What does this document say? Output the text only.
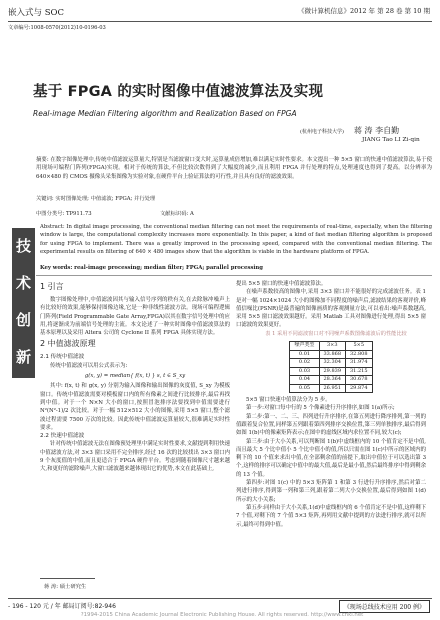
嵌入式与 SOC	《微计算机信息》2012 年 第 28 卷 第 10 期
文章编号:1008-0570(2012)10-0196-03
基于 FPGA 的实时图像中值滤波算法及实现
Real-image Median Filtering algorithm and Realization Based on FPGA
(杭州电子科技大学) 蒋 涛 李自勤
JIANG Tao LI Zi-qin
摘要: 在数字图像处理中,传统中值滤波运算量大,特别是当滤波窗口变大时,运算量成倍增加,难以满足实时性要求。本文提出一种 5×5 窗口的快速中值滤波算法,易于使用现场可编程门阵列(FPGA)实现。相对于传统的算法,不但比较次数得到了大幅度的减少,而且利用 FPGA 并行处理的特点,处理速度也得到了提高。以分辨率为 640×480 的 CMOS 摄像头采集图像为实验对象,在硬件平台上验证算法的可行性,并且具有良好的滤波效果。
关键词: 实时图像处理; 中值滤波; FPGA; 并行处理
中图分类号: TP911.73	文献标识码: A
Abstract: In digital image processing, the conventional median filtering can not meet the requirements of real-time, especially, when the filtering window is large, the computational complexity increases more exponentially. In this paper, a kind of fast median filtering algorithm is proposed for using FPGA to implement. There was a greatly improved in the processing speed, compared with the conventional median filtering. The experimental results on filtering of 640 × 480 images show that the algorithm is viable in the hardware platform of FPGA.
Key words: real-image processing; median filter; FPGA; parallel processing
技
术
创
新
1 引言

数字图像处理中,中值滤波因其与输入信号序列的秩有关,在去除脉冲噪声上有比较好的效果,能够保持图像边缘,它是一种非线性滤波方法。现场可编程逻辑门阵列(Field Programmable Gate Array,FPGA)以其在数字信号处理中的应用,将逐渐成为前端信号处理的主流。本文论述了一种实时图像中值滤波算法的基本原理以及采用 Altera 公司的 Cyclone II 系列 FPGA 具体实现方法。

2 中值滤波原理

2.1 传统中值滤波

传统中值滤波可以用公式表示为:

g(x, y) = median{ f(x, t) } s, t ∈ S_xy

其中: f(x, t) 和 g(x, y) 分别为输入图像和输出图像的灰度值, S_xy 为模板窗口。传统中值滤波需要对模板窗口内的所有像素之间进行比较排序,最后再找到中值。对于一个 N×N 大小的窗口,按照冒泡排序法要找到中值需要进行 N²(N²-1)/2 次比较。对于一幅 512×512 大小的图像,采用 5×5 窗口,整个滤波过程需要 7500 万次的比较。因此传统中值滤波运算量较大,很难满足实时性要求。

2.2 快速中值滤波

针对传统中值滤波无法在图像预处理里中满足实时性要求,文献提到利用快速中值滤波方法,对 3×3 窗口采用不完全排序,经过 16 次的比较找出 3×3 窗口内 9 个灰度值的中值,而且更适合于 FPGA 硬件平台。考虑到随着图像尺寸越来越大,和更好的滤除噪声,大窗口滤波越来越体现出它的优势,本文在此基础上,

提出 5×5 窗口的快速中值滤波算法。

在噪声系数较高的图像中,采用 3×3 窗口并不能很好的完成滤波任务。表 1 是对一幅 1024×1024 大小的图像加不同程度的噪声后,滤波结果的客观评价,峰值信噪比(PSNR)是最普遍的图像画质的客观测量方法,可以看出:噪声系数越高,采用 5×5 窗口滤波效果越好。采用 Matlab 工具对图像进行处理,得出 5×5 窗口滤波的效果更好。

表 1 采用不同滤波窗口对不同噪声系数图像滤波后的性能比较

噪声类型	3×3	5×5
0.01	33.868	32.808
0.02	32.304	31.974
0.03	29.839	31.215
0.04	28.364	30.678
0.05	26.951	29.874

5×5 窗口快速中值算法分为 5 步。

第一步:对窗口每中行的 5 个像素进行升序排序,如图 1(a)所示;

第二步:第一、二、三、四列进行升序排序,在第五列进行降序排列,第一列的值跟着复合位置,同样第五列跟着第四列排序交换位置,第三列单独排序,最后得到如图 1(b)中的像素矩阵表示;在图中的虚线区域内求位置不同,较大(c);

第三步:由于大小关系,可以判断图 1(b)中虚线框内的 10 个值肯定不是中值,而且最大 5 个比中值小 5 个比中值小的值,所以只需在图 1(c)中所示的区域内的剩下的 10 个值来求出中值,在全部剩余值的前提下,取出中值位于可以选出第 3 个,这样的排序可以确定中值中的最大值,最后是最小值,然后最终排序中得到剩余的 13 个值。

第四步:对图 1(c) 中的 5×3 矩阵第 1 和第 3 行进行升序排序,然后对第二列进行排序,得到第一列和第三列,跟着第二列大小交换位置,最后得到如图 1(d)所示的大小关系;

第五步:同样由于大小关系,1(d)中虚线框内的 6 个值肯定不是中值,这样剩下 7 个值,对剩下的 7 个值 5×3 矩阵,再列用文献中提到的方法进行排序,就可以所示,最终可得到中值。

蒋 涛: 硕士研究生
- 196 - 120 元 / 年 邮局订阅号:82-946	《现场总线技术应用 200 例》
?1994-2015 China Academic Journal Electronic Publishing House. All rights reserved. http://www.cnki.net
